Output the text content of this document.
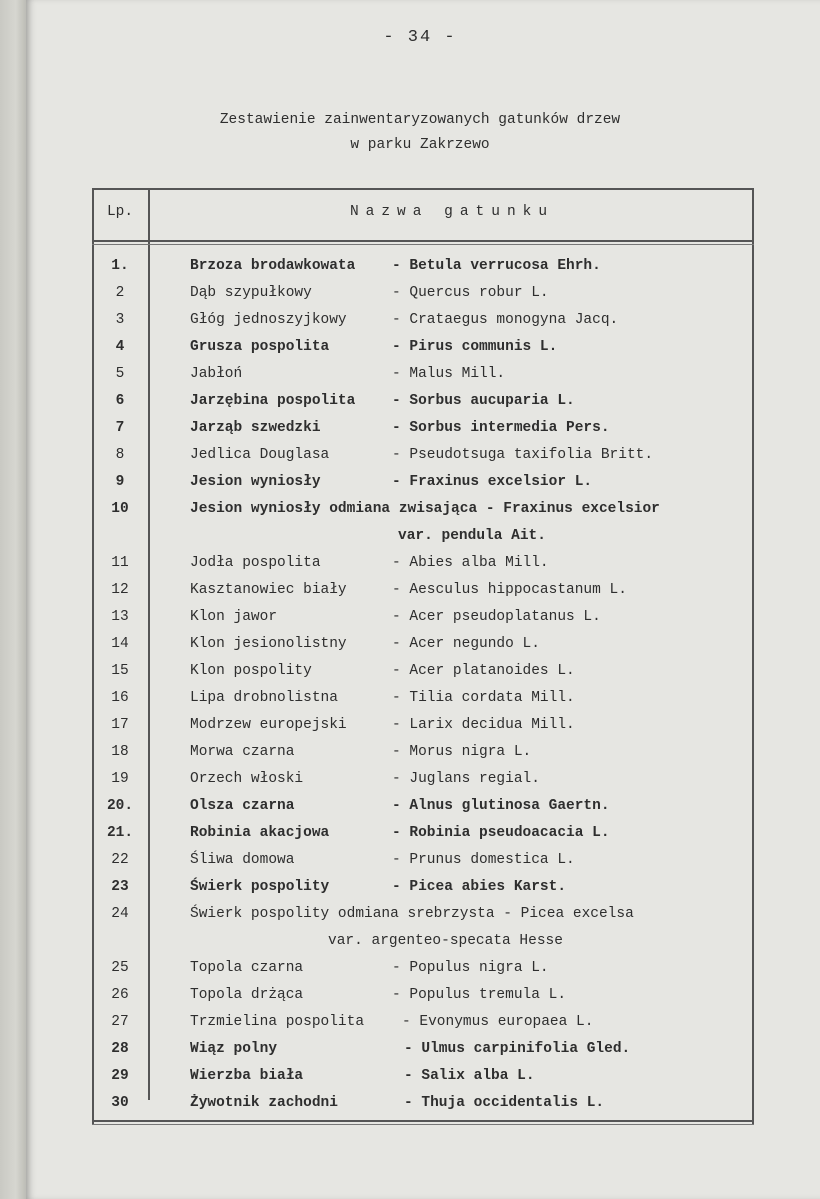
- 34 -
Zestawienie zainwentaryzowanych gatunków drzew
w parku Zakrzewo
Lp.	Nazwa gatunku
1.	Brzoza brodawkowata	- Betula verrucosa Ehrh.
2	Dąb szypułkowy	- Quercus robur L.
3	Głóg jednoszyjkowy	- Crataegus monogyna Jacq.
4	Grusza pospolita	- Pirus communis L.
5	Jabłoń	- Malus Mill.
6	Jarzębina pospolita	- Sorbus aucuparia L.
7	Jarząb szwedzki	- Sorbus intermedia Pers.
8	Jedlica Douglasa	- Pseudotsuga taxifolia Britt.
9	Jesion wyniosły	- Fraxinus excelsior L.
10	Jesion wyniosły odmiana zwisająca - Fraxinus excelsior
var. pendula Ait.
11	Jodła pospolita	- Abies alba Mill.
12	Kasztanowiec biały	- Aesculus hippocastanum L.
13	Klon jawor	- Acer pseudoplatanus L.
14	Klon jesionolistny	- Acer negundo L.
15	Klon pospolity	- Acer platanoides L.
16	Lipa drobnolistna	- Tilia cordata Mill.
17	Modrzew europejski	- Larix decidua Mill.
18	Morwa czarna	- Morus nigra L.
19	Orzech włoski	- Juglans regial.
20.	Olsza czarna	- Alnus glutinosa Gaertn.
21.	Robinia akacjowa	- Robinia pseudoacacia L.
22	Śliwa domowa	- Prunus domestica L.
23	Świerk pospolity	- Picea abies Karst.
24	Świerk pospolity odmiana srebrzysta - Picea excelsa
var. argenteo-specata Hesse
25	Topola czarna	- Populus nigra L.
26	Topola drżąca	- Populus tremula L.
27	Trzmielina pospolita	- Evonymus europaea L.
28	Wiąz polny	- Ulmus carpinifolia Gled.
29	Wierzba biała	- Salix alba L.
30	Żywotnik zachodni	- Thuja occidentalis L.
